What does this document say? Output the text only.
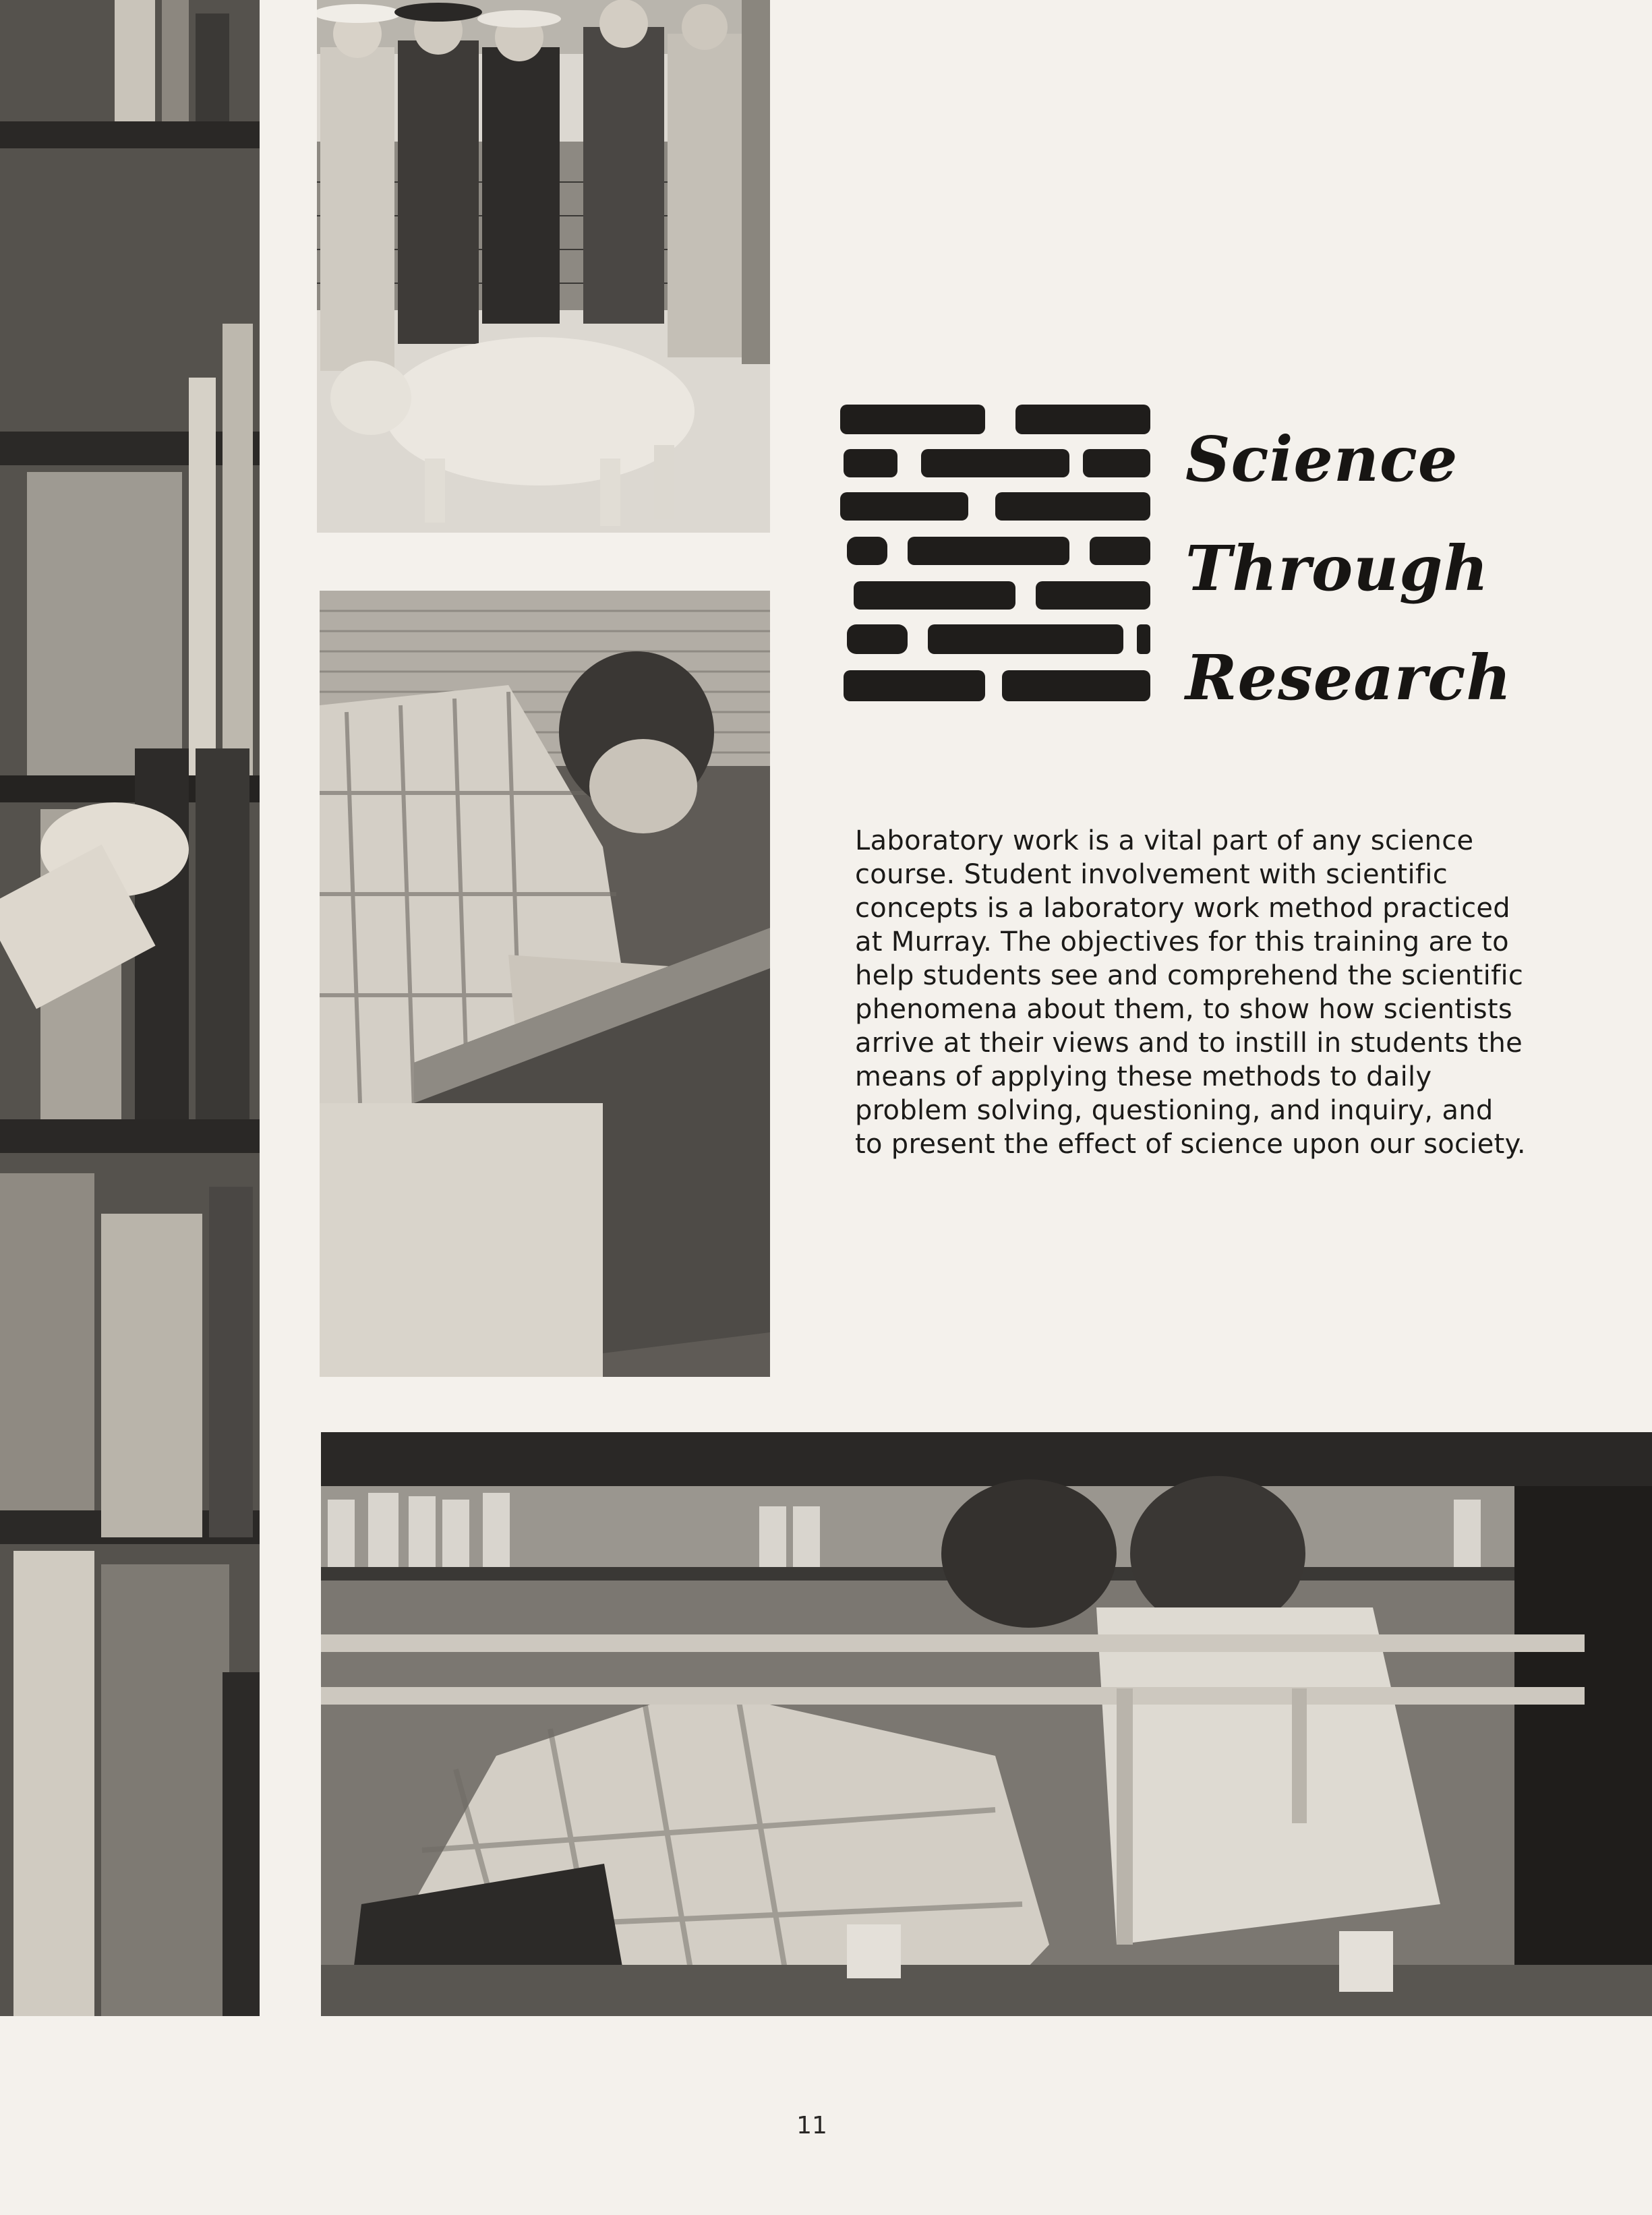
Science
Through
Research

Laboratory work is a vital part of any science course. Student involvement with scientific concepts is a laboratory work method practiced at Murray. The objectives for this training are to help students see and comprehend the scientific phenomena about them, to show how scientists arrive at their views and to instill in students the means of applying these methods to daily problem solving, questioning, and inquiry, and to present the effect of science upon our society.

11
